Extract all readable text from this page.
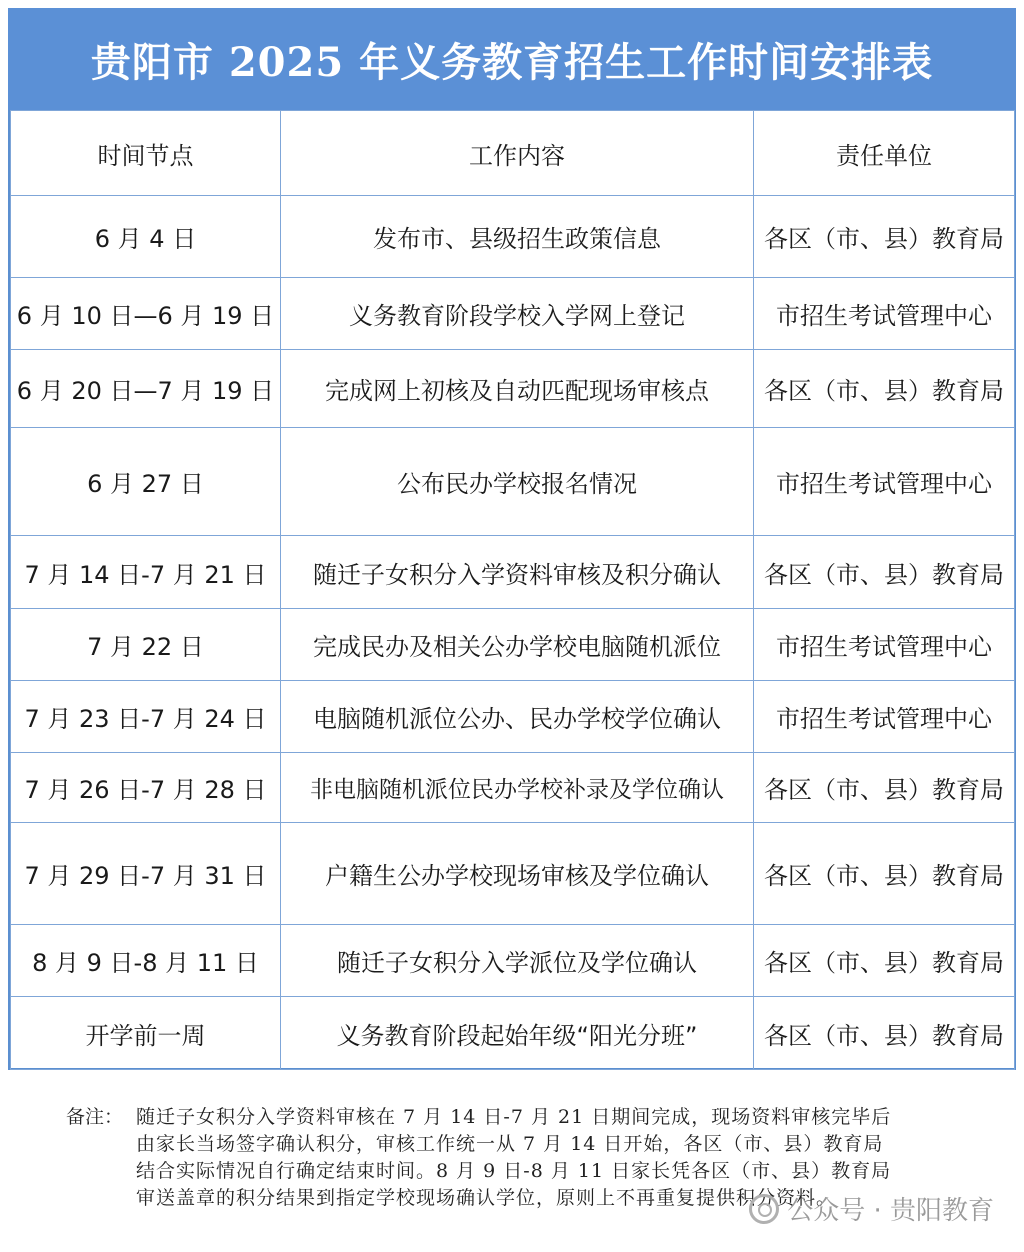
贵阳市 2025 年义务教育招生工作时间安排表
时间节点	工作内容	责任单位
6 月 4 日	发布市、县级招生政策信息	各区（市、县）教育局
6 月 10 日—6 月 19 日	义务教育阶段学校入学网上登记	市招生考试管理中心
6 月 20 日—7 月 19 日	完成网上初核及自动匹配现场审核点	各区（市、县）教育局
6 月 27 日	公布民办学校报名情况	市招生考试管理中心
7 月 14 日-7 月 21 日	随迁子女积分入学资料审核及积分确认	各区（市、县）教育局
7 月 22 日	完成民办及相关公办学校电脑随机派位	市招生考试管理中心
7 月 23 日-7 月 24 日	电脑随机派位公办、民办学校学位确认	市招生考试管理中心
7 月 26 日-7 月 28 日	非电脑随机派位民办学校补录及学位确认	各区（市、县）教育局
7 月 29 日-7 月 31 日	户籍生公办学校现场审核及学位确认	各区（市、县）教育局
8 月 9 日-8 月 11 日	随迁子女积分入学派位及学位确认	各区（市、县）教育局
开学前一周	义务教育阶段起始年级“阳光分班”	各区（市、县）教育局
备注： 随迁子女积分入学资料审核在 7 月 14 日-7 月 21 日期间完成，现场资料审核完毕后
由家长当场签字确认积分，审核工作统一从 7 月 14 日开始，各区（市、县）教育局
结合实际情况自行确定结束时间。8 月 9 日-8 月 11 日家长凭各区（市、县）教育局
审送盖章的积分结果到指定学校现场确认学位，原则上不再重复提供积分资料。
公众号 · 贵阳教育
